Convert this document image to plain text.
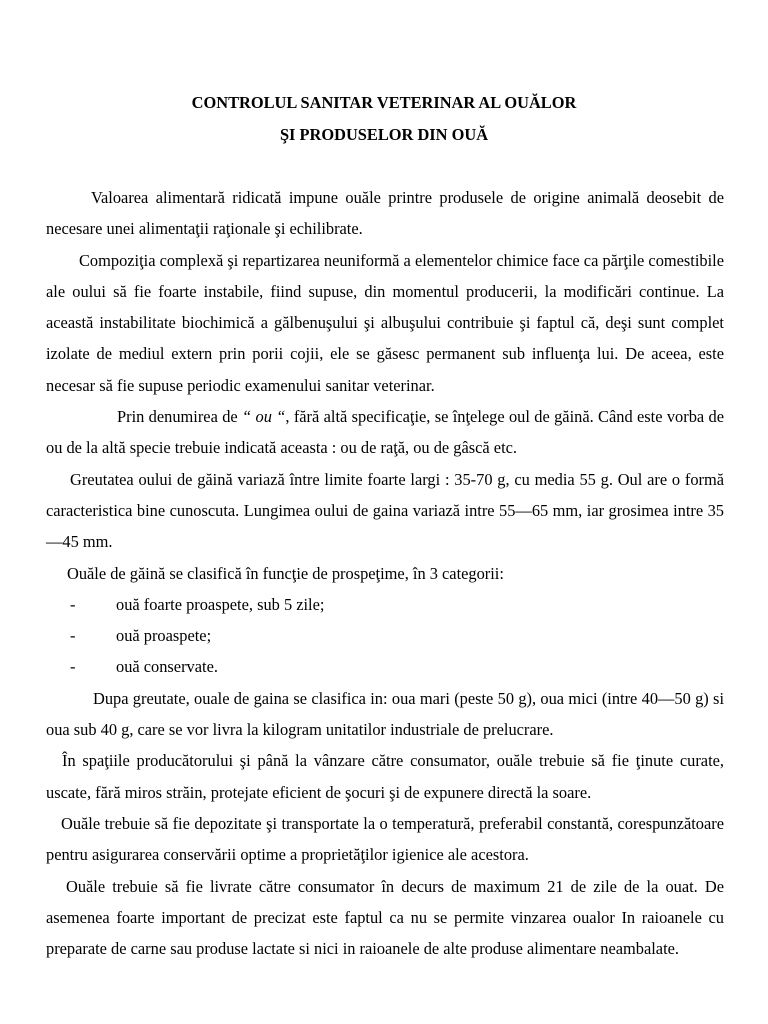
CONTROLUL SANITAR VETERINAR AL OUĂLOR
ŞI PRODUSELOR DIN OUĂ

Valoarea alimentară ridicată impune ouăle printre produsele de origine animală deosebit de necesare unei alimentaţii raţionale şi echilibrate.

Compoziţia complexă şi repartizarea neuniformă a elementelor chimice face ca părţile comestibile ale oului să fie foarte instabile, fiind supuse, din momentul producerii, la modificări continue. La această instabilitate biochimică a gălbenuşului şi albuşului contribuie şi faptul că, deşi sunt complet izolate de mediul extern prin porii cojii, ele se găsesc permanent sub influenţa lui. De aceea, este necesar să fie supuse periodic examenului sanitar veterinar.

Prin denumirea de “ ou “, fără altă specificaţie, se înţelege oul de găină. Când este vorba de ou de la altă specie trebuie indicată aceasta : ou de raţă, ou de gâscă etc.

Greutatea oului de găină variază între limite foarte largi : 35-70 g, cu media 55 g. Oul are o formă caracteristica bine cunoscuta. Lungimea oului de gaina variază intre 55—65 mm, iar grosimea intre 35—45 mm.

Ouăle de găină se clasifică în funcţie de prospeţime, în 3 categorii:

- ouă foarte proaspete, sub 5 zile;
- ouă proaspete;
- ouă conservate.

Dupa greutate, ouale de gaina se clasifica in: oua mari (peste 50 g), oua mici (intre 40—50 g) si oua sub 40 g, care se vor livra la kilogram unitatilor industriale de prelucrare.

În spaţiile producătorului şi până la vânzare către consumator, ouăle trebuie să fie ţinute curate, uscate, fără miros străin, protejate eficient de şocuri şi de expunere directă la soare.

Ouăle trebuie să fie depozitate şi transportate la o temperatură, preferabil constantă, corespunzătoare pentru asigurarea conservării optime a proprietăţilor igienice ale acestora.

Ouăle trebuie să fie livrate către consumator în decurs de maximum 21 de zile de la ouat. De asemenea foarte important de precizat este faptul ca nu se permite vinzarea oualor In raioanele cu preparate de carne sau produse lactate si nici in raioanele de alte produse alimentare neambalate.
